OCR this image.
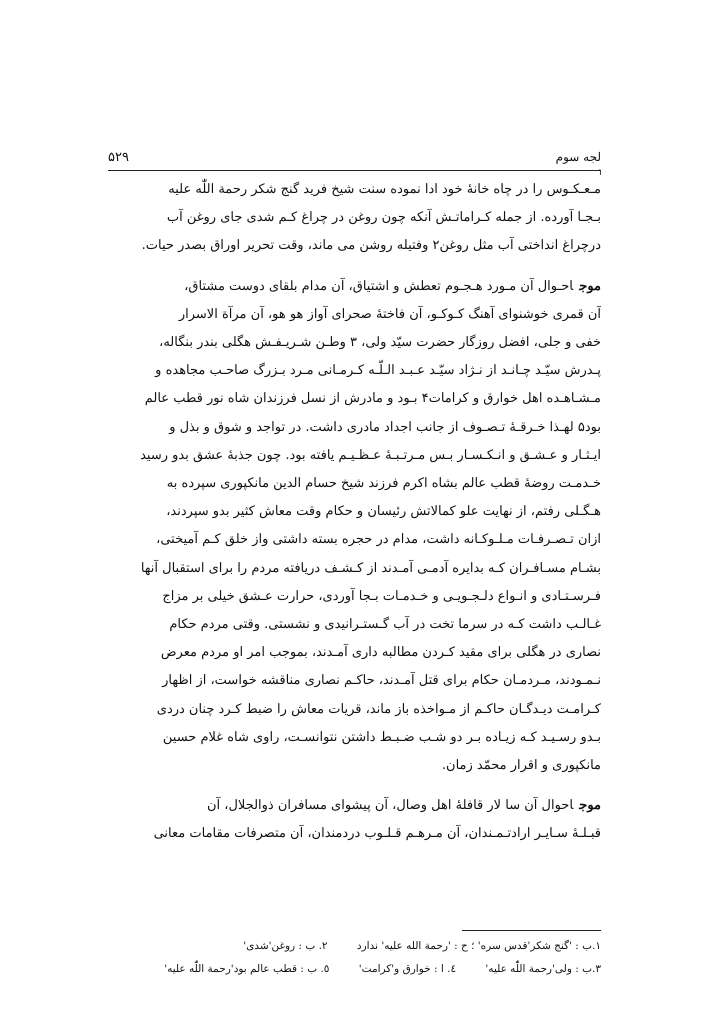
۵۲۹	لجه سوم
١

مـعـکـوس را در چاه خانهٔ خود ادا نموده سنت شیخ فرید گنج شکر رحمة اللّٰه علیه
بـجـا آورده. از جمله کـراماتـش آنکه چون روغن در چراغ کـم شدی جای روغن آب
درچراغ انداختی آب مثل روغن۲ وفتیله روشن می ماند، وقت تحریر اوراق بصدر حیات.

موجاحـوال آن مـورد هـجـوم تعطش و اشتیاق، آن مدام بلقای دوست مشتاق،
آن قمری خوشنوای آهنگ کـوکـو، آن فاختهٔ صحرای آواز هو هو، آن مرآة الاسرار
خفی و جلی، افضل روزگار حضرت سیّد ولی، ۳ وطـن شـریـفـش هگلی بندر بنگاله،
پـدرش سیّـد چـانـد از نـژاد سیّـد عـبـد الـلّـه کـرمـانی مـرد بـزرگ صاحـب مجاهده و
مـشـاهـده اهل خوارق و کرامات۴ بـود و مادرش از نسل فرزندان شاه نور قطب عالم
بود۵ لهـذا خـرقـهٔ تـصـوف از جانب اجداد مادری داشت. در تواجد و شوق و بذل و
ایـثـار و عـشـق و انـکـسـار بـس مـرتـبـهٔ عـظـیـم یافته بود. چون جذبهٔ عشق بدو رسید
خـدمـت روضهٔ قطب عالم بشاه اکرم فرزند شیخ حسام الدین مانکپوری سپرده به
هـگـلی رفتم، از نهایت علو کمالاتش رئیسان و حکام وقت معاش کثیر بدو سپردند،
ازان تـصـرفـات مـلـوکـانه داشت، مدام در حجره بسته داشتی واز خلق کـم آمیختی،
بشـام مسـافـران کـه بدایره آدمـی آمـدند از کـشـف دریافته مردم را برای استقبال آنها
فـرسـتـادی و انـواع دلـجـویـی و خـدمـات بـجا آوردی، حرارت عـشق خیلی بر مزاج
غـالـب داشت کـه در سرما تخت در آب گـستـرانیدی و نشستی. وقتی مردم حکام
نصاری در هگلی برای مقید کـردن مطالبه داری آمـدند، بموجب امر او مردم معرض
نـمـودند، مـردمـان حکام برای قتل آمـدند، حاکـم نصاری مناقشه خواست، از اظهار
کـرامـت دیـدگـان حاکـم از مـواخذه باز ماند، قریات معاش را ضبط کـرد چنان دردی
بـدو رسـیـد کـه زیـاده بـر دو شـب ضـبـط داشتن نتوانسـت، راوی شاه غلام حسین
مانکپوری و اقرار محمّد زمان.

موجاحوال آن سا لار قافلهٔ اهل وصال، آن پیشوای مسافران ذوالجلال، آن
قبـلـهٔ سـایـر ارادتـمـندان، آن مـرهـم قـلـوب دردمندان، آن متصرفات مقامات معانی

١.ب : 'گنج شکر'قدس سره' ؛ ح : 'رحمة الله علیه' ندارد ٢. ب : روغن'شدی'
٣.ب : ولی'رحمة اللّٰه علیه' ٤. ا : خوارق و'کرامت' ٥. ب : قطب عالم بود'رحمة اللّٰه علیه'
